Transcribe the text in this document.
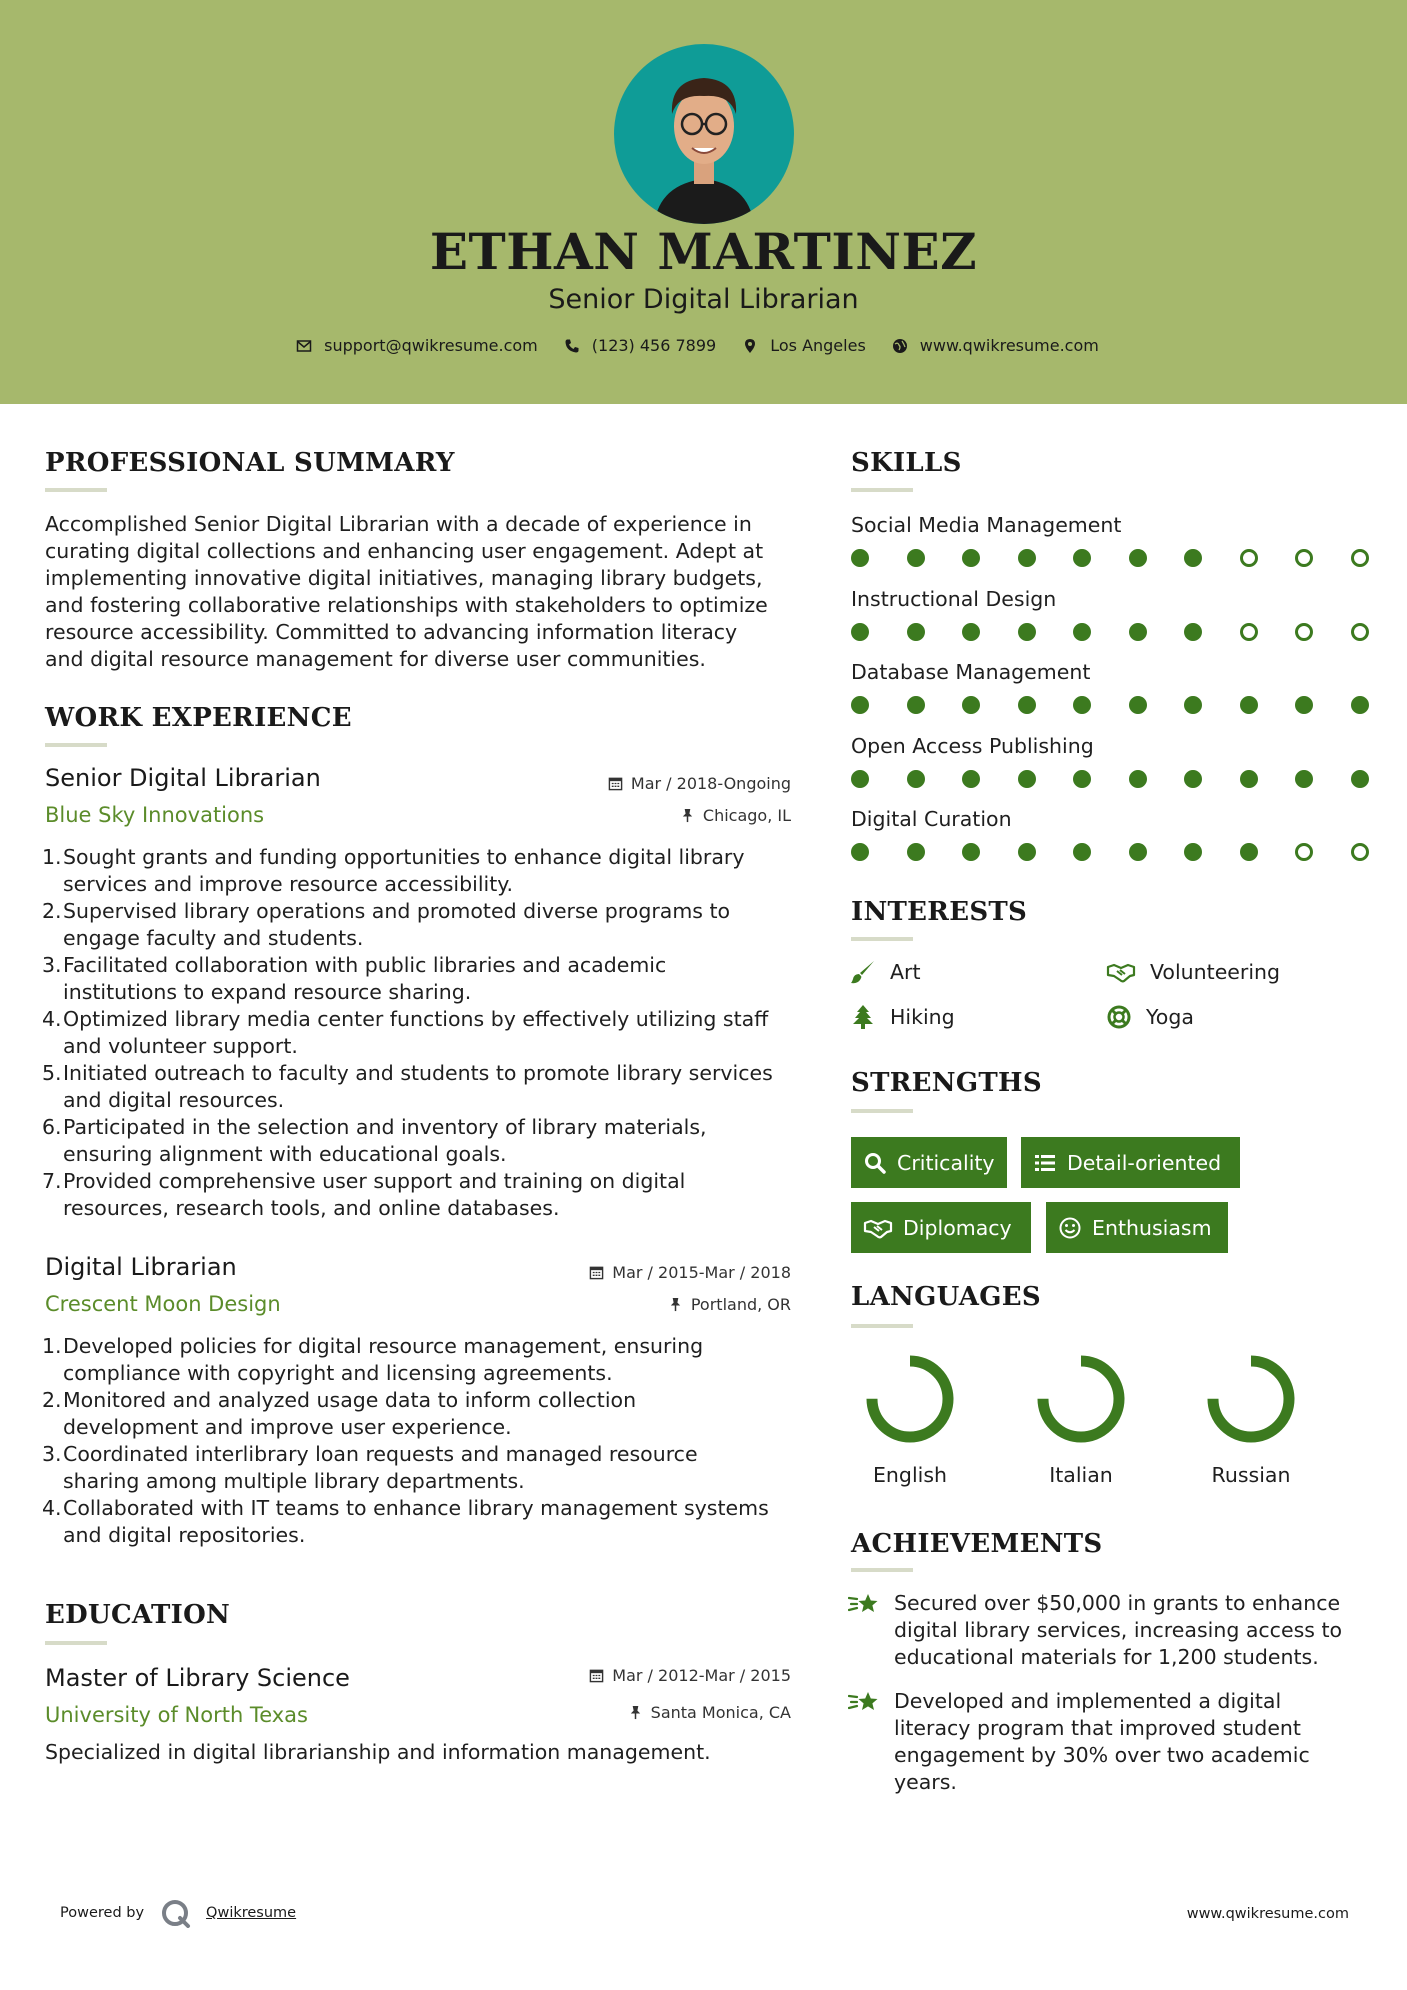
ETHAN MARTINEZ
Senior Digital Librarian
support@qwikresume.com	(123) 456 7899	Los Angeles	www.qwikresume.com
PROFESSIONAL SUMMARY
Accomplished Senior Digital Librarian with a decade of experience in
curating digital collections and enhancing user engagement. Adept at
implementing innovative digital initiatives, managing library budgets,
and fostering collaborative relationships with stakeholders to optimize
resource accessibility. Committed to advancing information literacy
and digital resource management for diverse user communities.
WORK EXPERIENCE
Senior Digital Librarian
Blue Sky Innovations
Mar / 2018-Ongoing
Chicago, IL
1. Sought grants and funding opportunities to enhance digital library
services and improve resource accessibility.
2. Supervised library operations and promoted diverse programs to
engage faculty and students.
3. Facilitated collaboration with public libraries and academic
institutions to expand resource sharing.
4. Optimized library media center functions by effectively utilizing staff
and volunteer support.
5. Initiated outreach to faculty and students to promote library services
and digital resources.
6. Participated in the selection and inventory of library materials,
ensuring alignment with educational goals.
7. Provided comprehensive user support and training on digital
resources, research tools, and online databases.
Digital Librarian
Crescent Moon Design
Mar / 2015-Mar / 2018
Portland, OR
1. Developed policies for digital resource management, ensuring
compliance with copyright and licensing agreements.
2. Monitored and analyzed usage data to inform collection
development and improve user experience.
3. Coordinated interlibrary loan requests and managed resource
sharing among multiple library departments.
4. Collaborated with IT teams to enhance library management systems
and digital repositories.
EDUCATION
Master of Library Science
University of North Texas
Mar / 2012-Mar / 2015
Santa Monica, CA
Specialized in digital librarianship and information management.
SKILLS
Social Media Management
Instructional Design
Database Management
Open Access Publishing
Digital Curation
INTERESTS
Art	Volunteering
Hiking	Yoga
STRENGTHS
Criticality	Detail-oriented
Diplomacy	Enthusiasm
LANGUAGES
English	Italian	Russian
ACHIEVEMENTS
Secured over $50,000 in grants to enhance
digital library services, increasing access to
educational materials for 1,200 students.
Developed and implemented a digital
literacy program that improved student
engagement by 30% over two academic
years.
Powered by	Qwikresume	www.qwikresume.com
